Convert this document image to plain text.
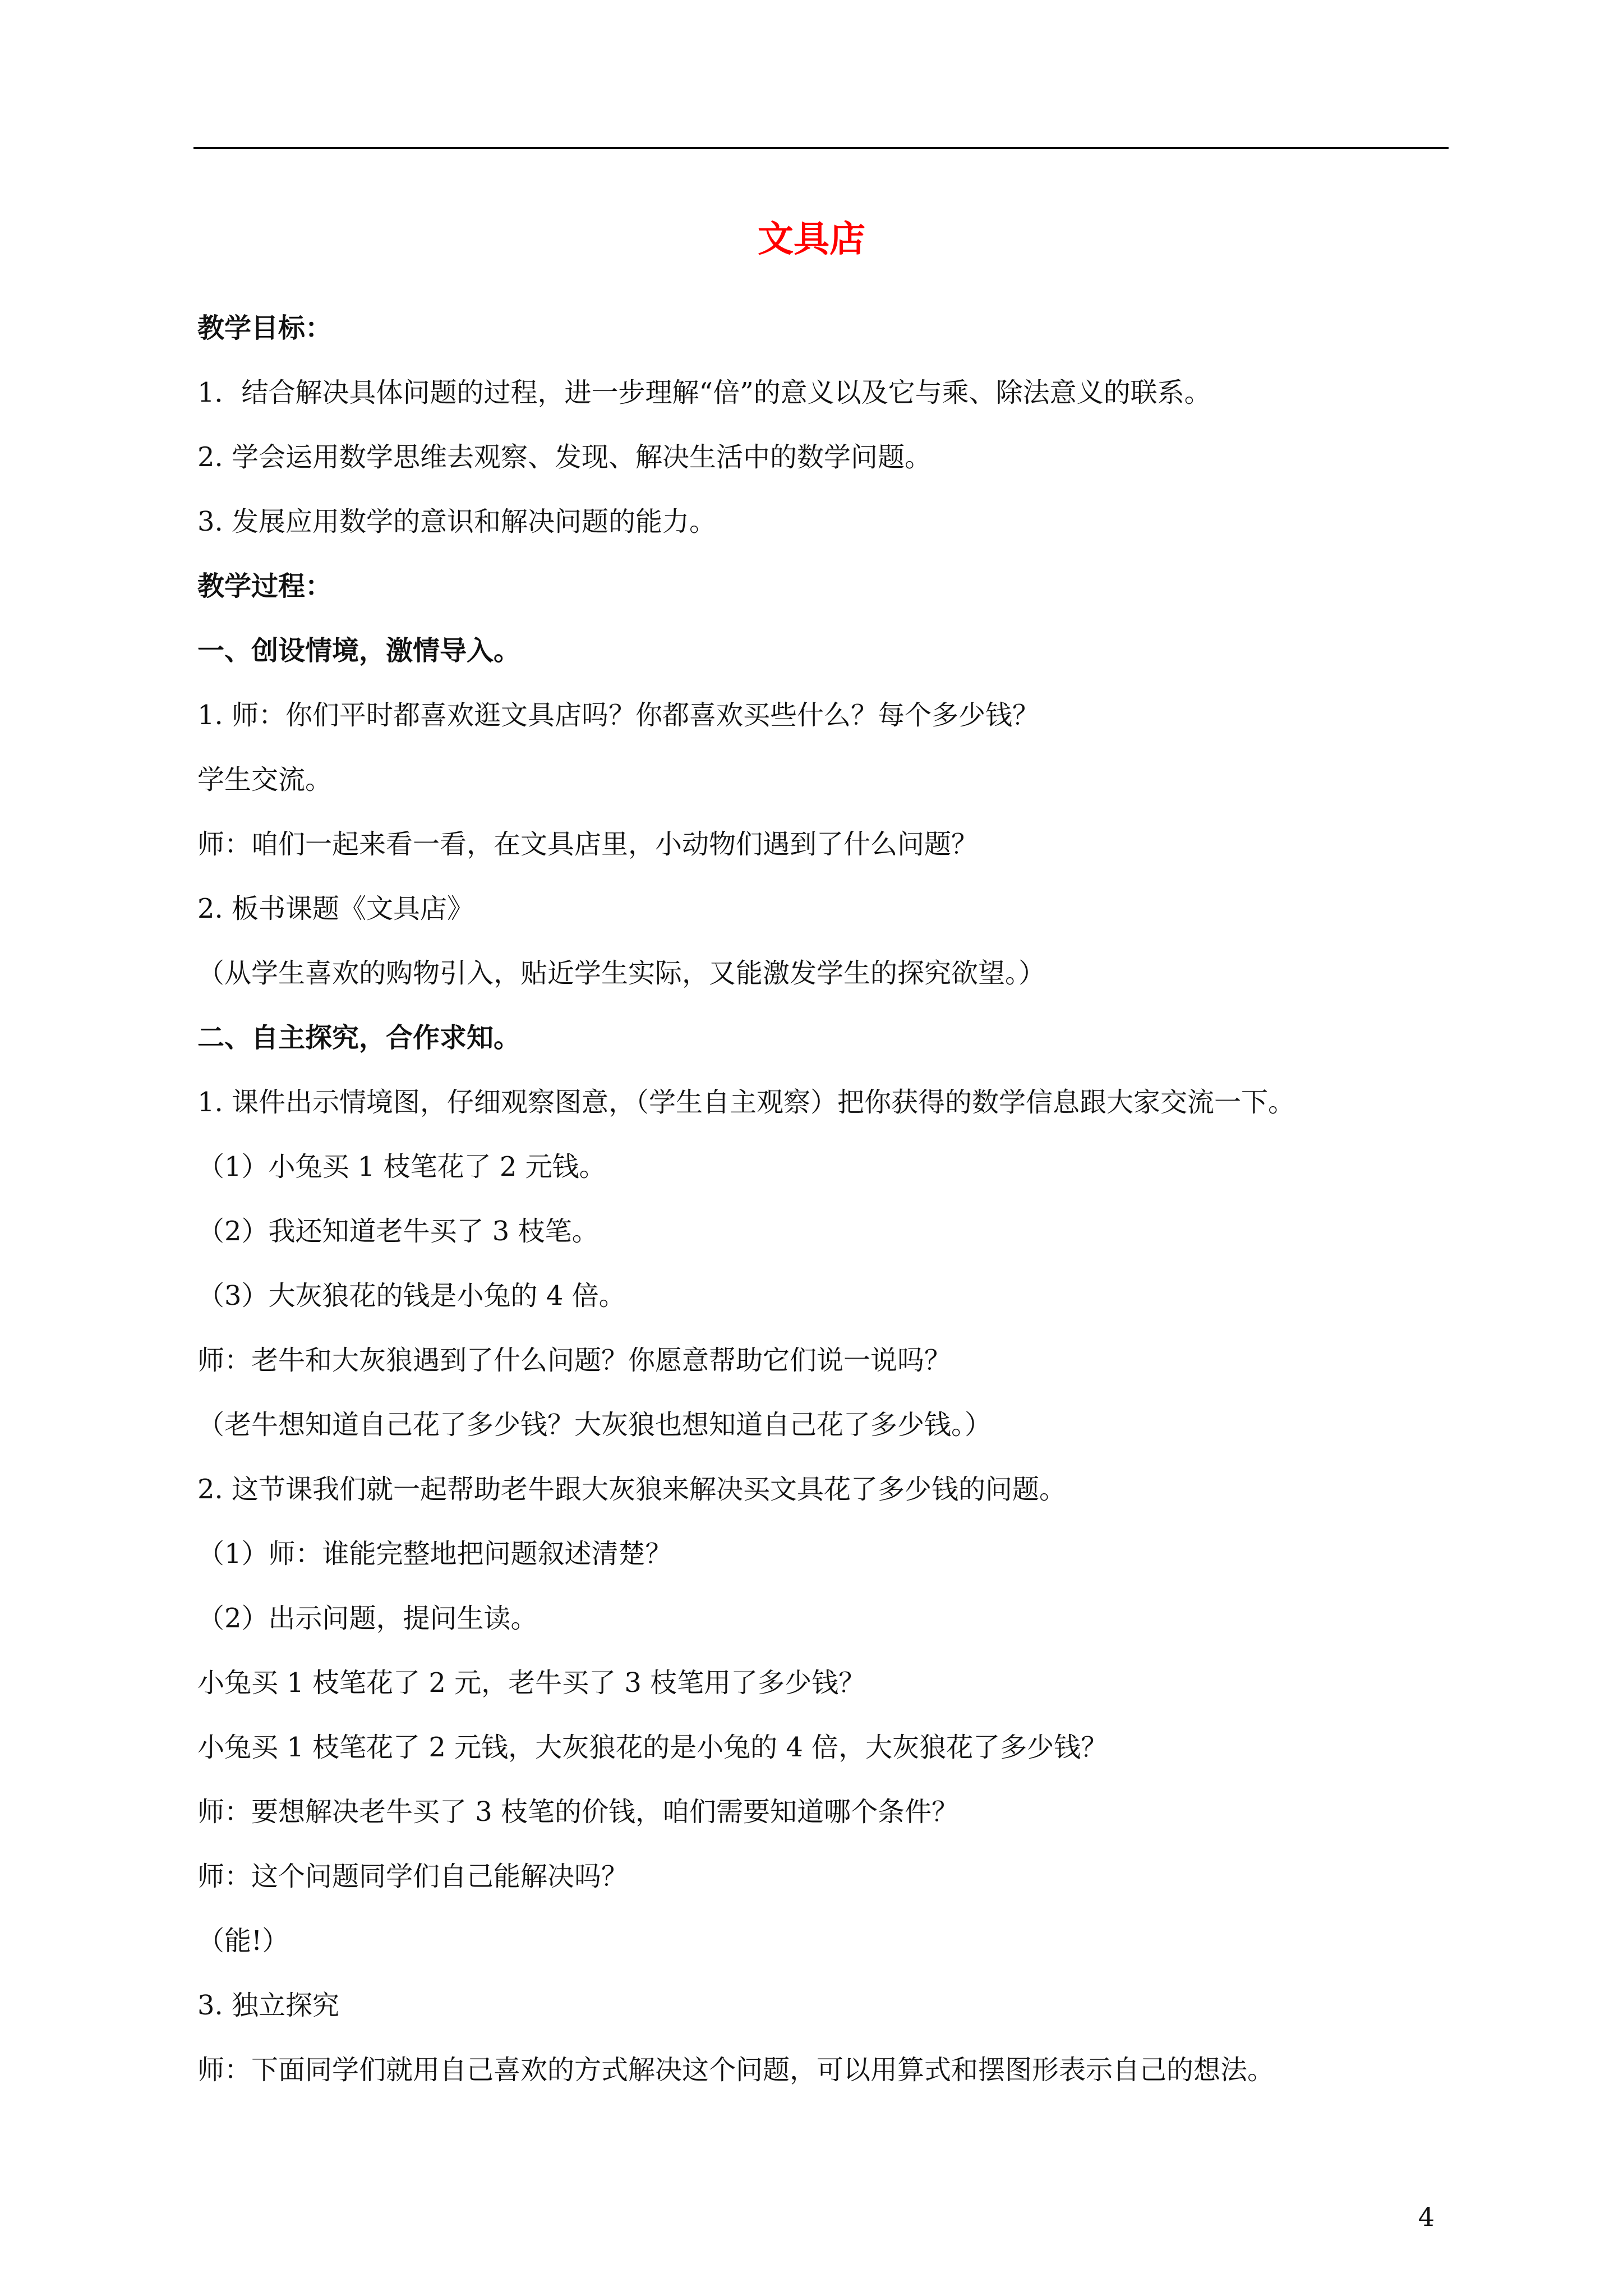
文具店
教学目标：
1．结合解决具体问题的过程，进一步理解“倍”的意义以及它与乘、除法意义的联系。
2. 学会运用数学思维去观察、发现、解决生活中的数学问题。
3. 发展应用数学的意识和解决问题的能力。
教学过程：
一、创设情境，激情导入。
1. 师：你们平时都喜欢逛文具店吗？你都喜欢买些什么？每个多少钱？
学生交流。
师：咱们一起来看一看，在文具店里，小动物们遇到了什么问题？
2. 板书课题《文具店》
（从学生喜欢的购物引入，贴近学生实际，又能激发学生的探究欲望。）
二、自主探究，合作求知。
1. 课件出示情境图，仔细观察图意，（学生自主观察）把你获得的数学信息跟大家交流一下。
（1）小兔买 1 枝笔花了 2 元钱。
（2）我还知道老牛买了 3 枝笔。
（3）大灰狼花的钱是小兔的 4 倍。
师：老牛和大灰狼遇到了什么问题？你愿意帮助它们说一说吗？
（老牛想知道自己花了多少钱？大灰狼也想知道自己花了多少钱。）
2. 这节课我们就一起帮助老牛跟大灰狼来解决买文具花了多少钱的问题。
（1）师：谁能完整地把问题叙述清楚？
（2）出示问题，提问生读。
小兔买 1 枝笔花了 2 元，老牛买了 3 枝笔用了多少钱？
小兔买 1 枝笔花了 2 元钱，大灰狼花的是小兔的 4 倍，大灰狼花了多少钱？
师：要想解决老牛买了 3 枝笔的价钱，咱们需要知道哪个条件？
师：这个问题同学们自己能解决吗？
（能!）
3. 独立探究
师：下面同学们就用自己喜欢的方式解决这个问题，可以用算式和摆图形表示自己的想法。
4
